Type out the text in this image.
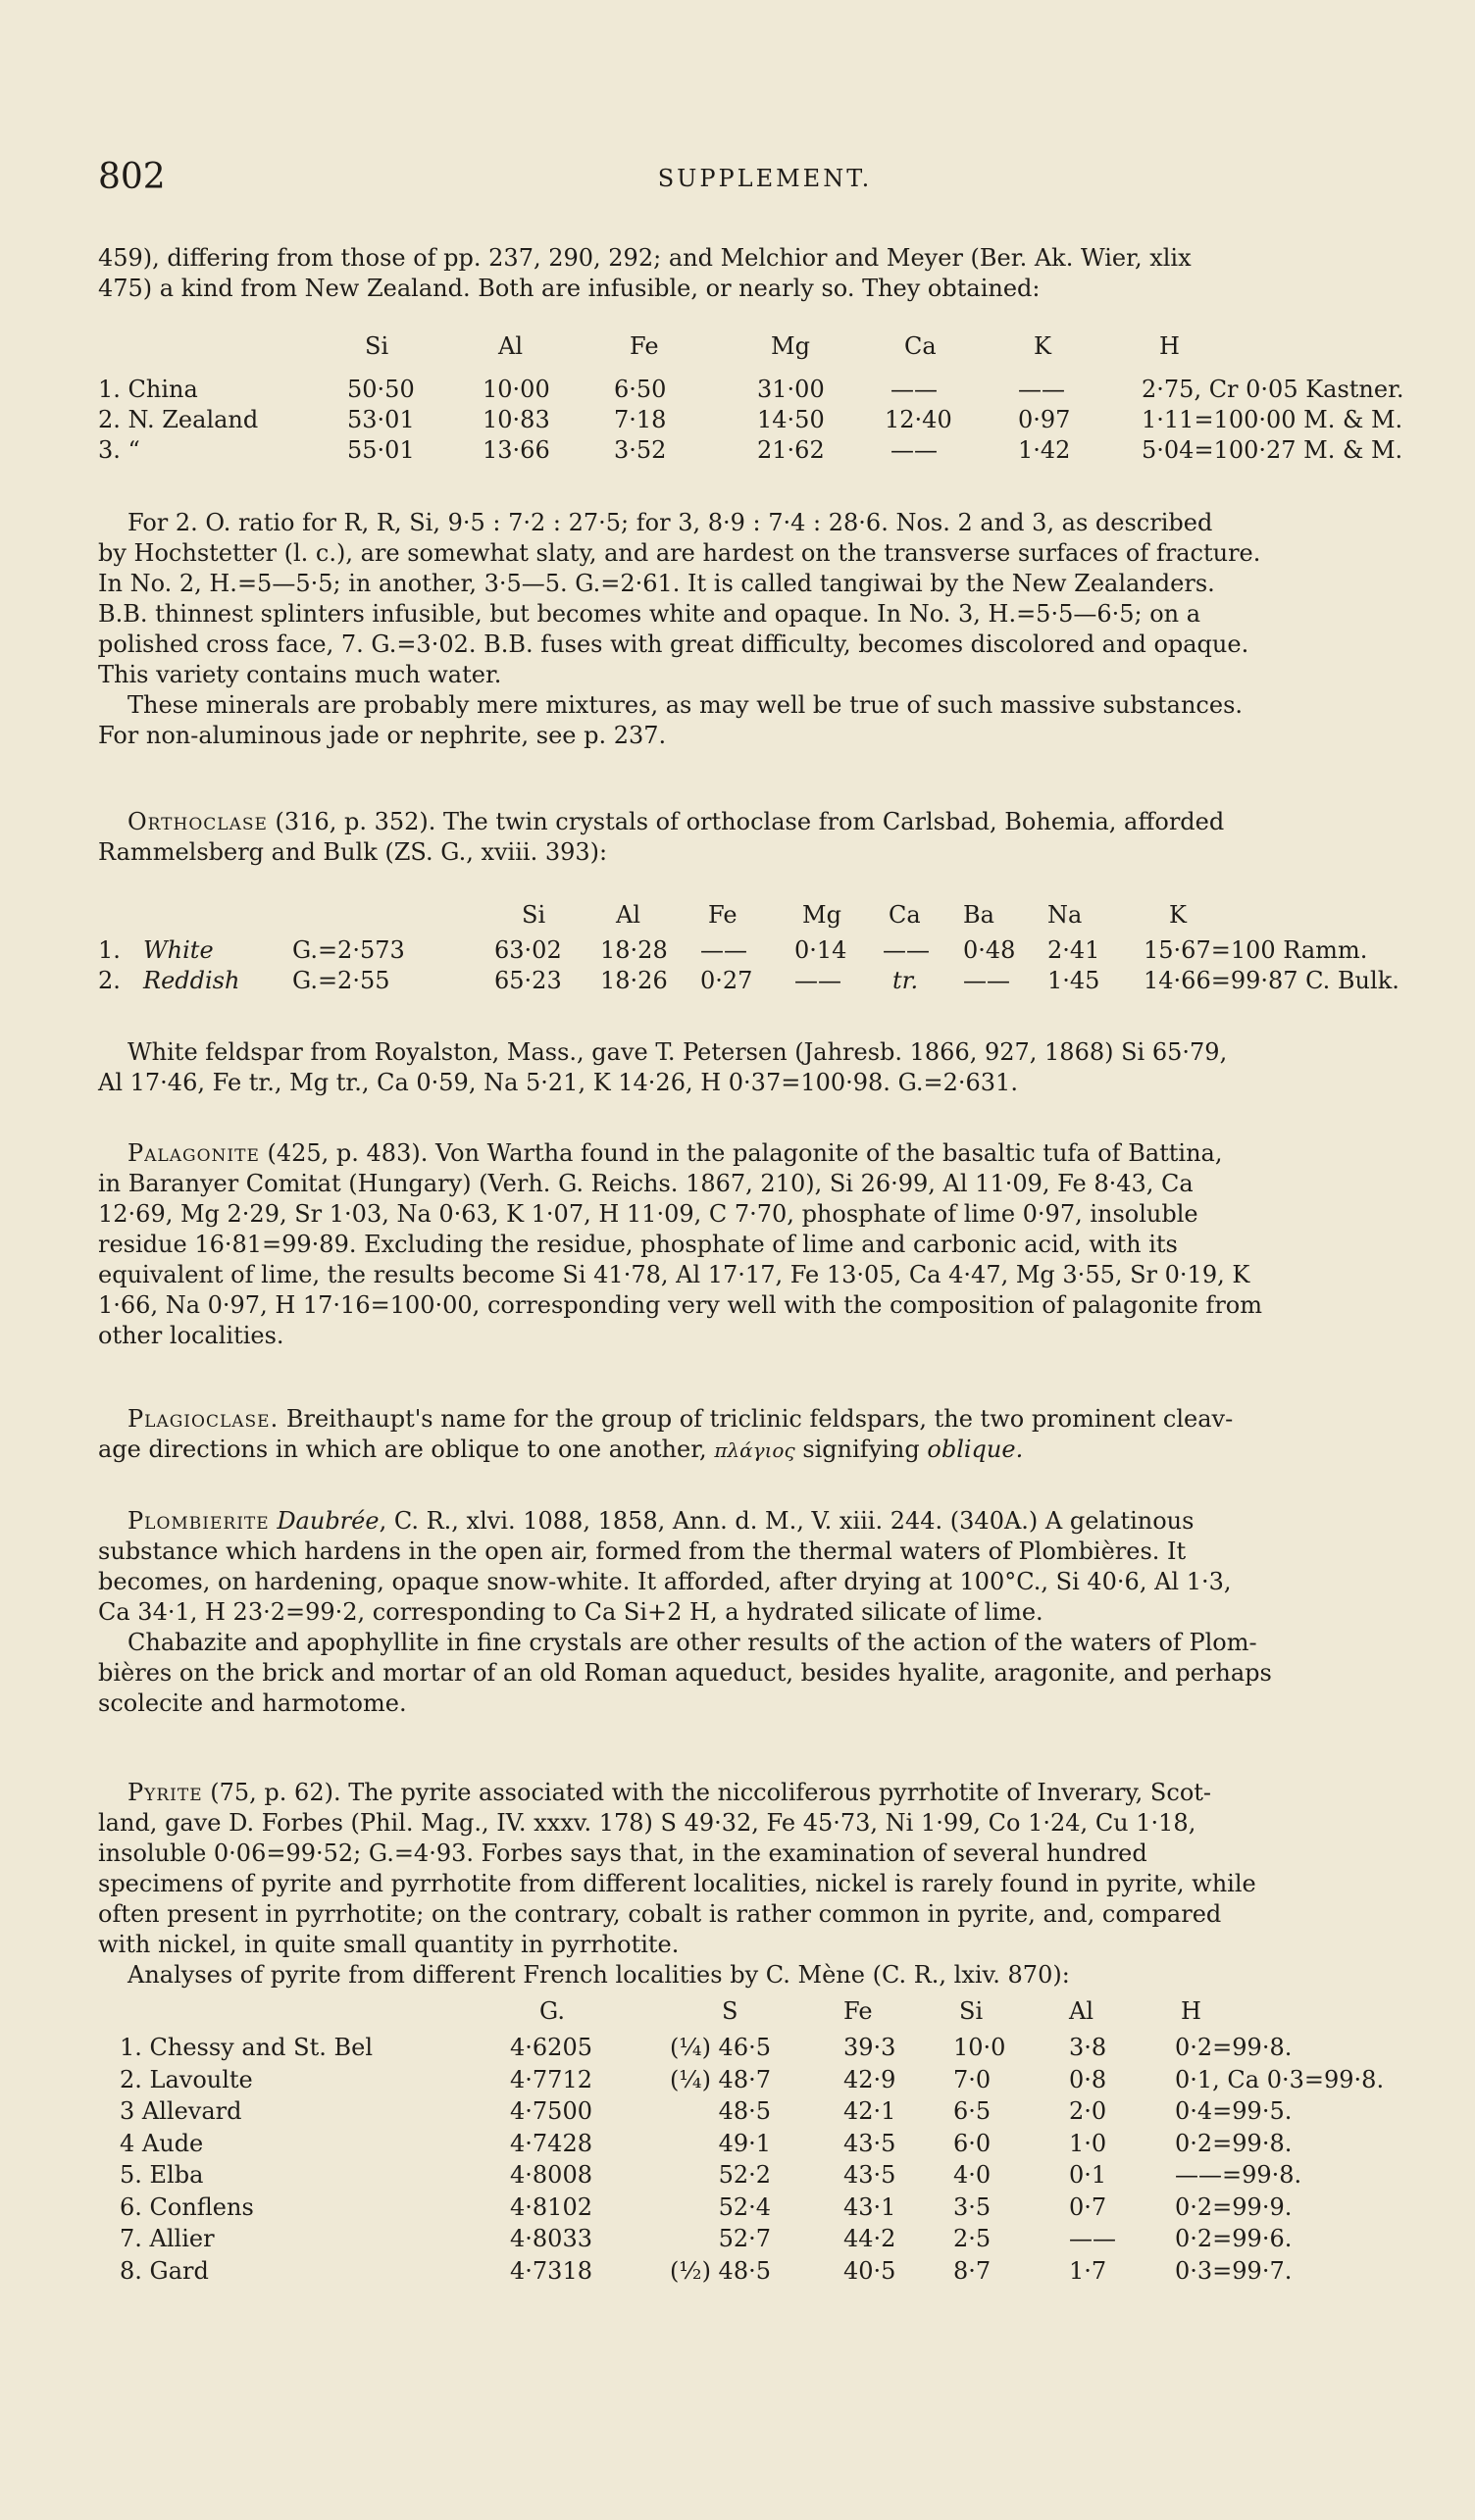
802	SUPPLEMENT.

459), differing from those of pp. 237, 290, 292; and Melchior and Meyer (Ber. Ak. Wier, xlix

475) a kind from New Zealand. Both are infusible, or nearly so. They obtained:

Si	Al	Fe	Mg	Ca	K	H
1. China	50·50	10·00	6·50	31·00	——	——	2·75, Cr 0·05 Kastner.
2. N. Zealand	53·01	10·83	7·18	14·50	12·40	0·97	1·11=100·00 M. & M.
3. “	55·01	13·66	3·52	21·62	——	1·42	5·04=100·27 M. & M.

For 2. O. ratio for R, R, Si, 9·5 : 7·2 : 27·5; for 3, 8·9 : 7·4 : 28·6. Nos. 2 and 3, as described

by Hochstetter (l. c.), are somewhat slaty, and are hardest on the transverse surfaces of fracture.

In No. 2, H.=5—5·5; in another, 3·5—5. G.=2·61. It is called tangiwai by the New Zealanders.

B.B. thinnest splinters infusible, but becomes white and opaque. In No. 3, H.=5·5—6·5; on a

polished cross face, 7. G.=3·02. B.B. fuses with great difficulty, becomes discolored and opaque.

This variety contains much water.

These minerals are probably mere mixtures, as may well be true of such massive substances.

For non-aluminous jade or nephrite, see p. 237.

Orthoclase (316, p. 352). The twin crystals of orthoclase from Carlsbad, Bohemia, afforded

Rammelsberg and Bulk (ZS. G., xviii. 393):

Si	Al	Fe	Mg Ca Ba Na	K
1. White	G.=2·573	63·02 18·28 —— 0·14 —— 0·48 2·41 15·67=100 Ramm.
2. Reddish G.=2·55	65·23 18·26 0·27 —— tr. —— 1·45 14·66=99·87 C. Bulk.

White feldspar from Royalston, Mass., gave T. Petersen (Jahresb. 1866, 927, 1868) Si 65·79,

Al 17·46, Fe tr., Mg tr., Ca 0·59, Na 5·21, K 14·26, H 0·37=100·98. G.=2·631.

Palagonite (425, p. 483). Von Wartha found in the palagonite of the basaltic tufa of Battina,

in Baranyer Comitat (Hungary) (Verh. G. Reichs. 1867, 210), Si 26·99, Al 11·09, Fe 8·43, Ca

12·69, Mg 2·29, Sr 1·03, Na 0·63, K 1·07, H 11·09, C 7·70, phosphate of lime 0·97, insoluble

residue 16·81=99·89. Excluding the residue, phosphate of lime and carbonic acid, with its

equivalent of lime, the results become Si 41·78, Al 17·17, Fe 13·05, Ca 4·47, Mg 3·55, Sr 0·19, K

1·66, Na 0·97, H 17·16=100·00, corresponding very well with the composition of palagonite from

other localities.

Plagioclase. Breithaupt's name for the group of triclinic feldspars, the two prominent cleav-

age directions in which are oblique to one another, πλάγιος signifying oblique.

Plombierite Daubrée, C. R., xlvi. 1088, 1858, Ann. d. M., V. xiii. 244. (340A.) A gelatinous

substance which hardens in the open air, formed from the thermal waters of Plombières. It

becomes, on hardening, opaque snow-white. It afforded, after drying at 100°C., Si 40·6, Al 1·3,

Ca 34·1, H 23·2=99·2, corresponding to Ca Si+2 H, a hydrated silicate of lime.

Chabazite and apophyllite in fine crystals are other results of the action of the waters of Plom-

bières on the brick and mortar of an old Roman aqueduct, besides hyalite, aragonite, and perhaps

scolecite and harmotome.

Pyrite (75, p. 62). The pyrite associated with the niccoliferous pyrrhotite of Inverary, Scot-

land, gave D. Forbes (Phil. Mag., IV. xxxv. 178) S 49·32, Fe 45·73, Ni 1·99, Co 1·24, Cu 1·18,

insoluble 0·06=99·52; G.=4·93. Forbes says that, in the examination of several hundred

specimens of pyrite and pyrrhotite from different localities, nickel is rarely found in pyrite, while

often present in pyrrhotite; on the contrary, cobalt is rather common in pyrite, and, compared

with nickel, in quite small quantity in pyrrhotite.

Analyses of pyrite from different French localities by C. Mène (C. R., lxiv. 870):

G.	S	Fe	Si	Al	H
1. Chessy and St. Bel	4·6205	(¼) 46·5	39·3 10·0	3·8	0·2=99·8.
2. Lavoulte	4·7712	(¼) 48·7	42·9 7·0	0·8	0·1, Ca 0·3=99·8.
3 Allevard	4·7500	48·5	42·1 6·5	2·0	0·4=99·5.
4 Aude	4·7428	49·1	43·5 6·0	1·0	0·2=99·8.
5. Elba	4·8008	52·2	43·5 4·0	0·1	——=99·8.
6. Conflens	4·8102	52·4	43·1 3·5	0·7	0·2=99·9.
7. Allier	4·8033	52·7	44·2 2·5	——	0·2=99·6.
8. Gard	4·7318	(½) 48·5	40·5 8·7	1·7	0·3=99·7.
